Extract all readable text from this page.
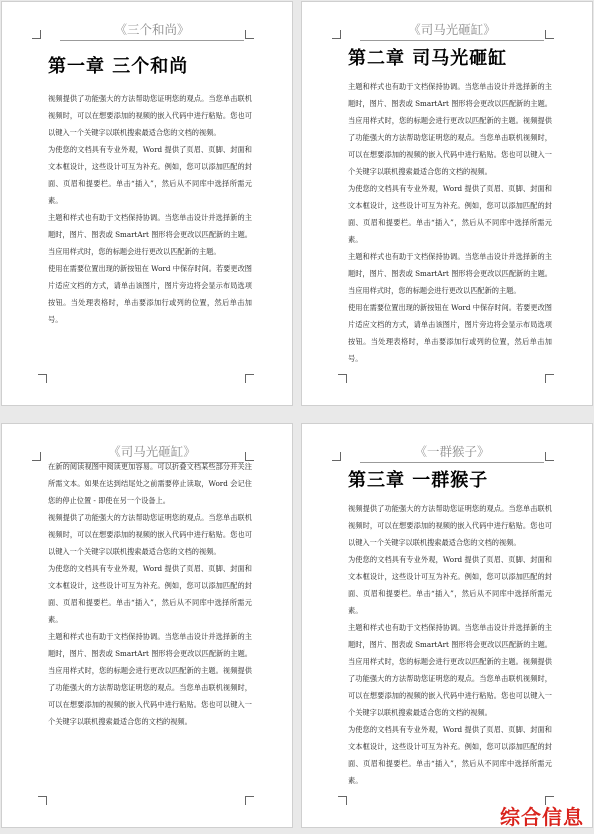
《三个和尚》
第一章 三个和尚

视频提供了功能强大的方法帮助您证明您的观点。当您单击联机视频时，可以在想要添加的视频的嵌入代码中进行粘贴。您也可以键入一个关键字以联机搜索最适合您的文档的视频。

为使您的文档具有专业外观，Word 提供了页眉、页脚、封面和文本框设计，这些设计可互为补充。例如，您可以添加匹配的封面、页眉和提要栏。单击“插入”，然后从不同库中选择所需元素。

主题和样式也有助于文档保持协调。当您单击设计并选择新的主题时，图片、图表或 SmartArt 图形将会更改以匹配新的主题。当应用样式时，您的标题会进行更改以匹配新的主题。

使用在需要位置出现的新按钮在 Word 中保存时间。若要更改图片适应文档的方式，请单击该图片，图片旁边将会显示布局选项按钮。当处理表格时，单击要添加行或列的位置，然后单击加号。

《司马光砸缸》
第二章 司马光砸缸

主题和样式也有助于文档保持协调。当您单击设计并选择新的主题时，图片、图表或 SmartArt 图形将会更改以匹配新的主题。当应用样式时，您的标题会进行更改以匹配新的主题。视频提供了功能强大的方法帮助您证明您的观点。当您单击联机视频时，可以在想要添加的视频的嵌入代码中进行粘贴。您也可以键入一个关键字以联机搜索最适合您的文档的视频。

为使您的文档具有专业外观，Word 提供了页眉、页脚、封面和文本框设计，这些设计可互为补充。例如，您可以添加匹配的封面、页眉和提要栏。单击“插入”，然后从不同库中选择所需元素。

主题和样式也有助于文档保持协调。当您单击设计并选择新的主题时，图片、图表或 SmartArt 图形将会更改以匹配新的主题。当应用样式时，您的标题会进行更改以匹配新的主题。

使用在需要位置出现的新按钮在 Word 中保存时间。若要更改图片适应文档的方式，请单击该图片，图片旁边将会显示布局选项按钮。当处理表格时，单击要添加行或列的位置，然后单击加号。

《司马光砸缸》

在新的阅读视图中阅读更加容易。可以折叠文档某些部分并关注所需文本。如果在达到结尾处之前需要停止读取，Word 会记住您的停止位置 - 即使在另一个设备上。

视频提供了功能强大的方法帮助您证明您的观点。当您单击联机视频时，可以在想要添加的视频的嵌入代码中进行粘贴。您也可以键入一个关键字以联机搜索最适合您的文档的视频。

为使您的文档具有专业外观，Word 提供了页眉、页脚、封面和文本框设计，这些设计可互为补充。例如，您可以添加匹配的封面、页眉和提要栏。单击“插入”，然后从不同库中选择所需元素。

主题和样式也有助于文档保持协调。当您单击设计并选择新的主题时，图片、图表或 SmartArt 图形将会更改以匹配新的主题。当应用样式时，您的标题会进行更改以匹配新的主题。视频提供了功能强大的方法帮助您证明您的观点。当您单击联机视频时，可以在想要添加的视频的嵌入代码中进行粘贴。您也可以键入一个关键字以联机搜索最适合您的文档的视频。

《一群猴子》
第三章 一群猴子

视频提供了功能强大的方法帮助您证明您的观点。当您单击联机视频时，可以在想要添加的视频的嵌入代码中进行粘贴。您也可以键入一个关键字以联机搜索最适合您的文档的视频。

为使您的文档具有专业外观，Word 提供了页眉、页脚、封面和文本框设计，这些设计可互为补充。例如，您可以添加匹配的封面、页眉和提要栏。单击“插入”，然后从不同库中选择所需元素。

主题和样式也有助于文档保持协调。当您单击设计并选择新的主题时，图片、图表或 SmartArt 图形将会更改以匹配新的主题。当应用样式时，您的标题会进行更改以匹配新的主题。视频提供了功能强大的方法帮助您证明您的观点。当您单击联机视频时，可以在想要添加的视频的嵌入代码中进行粘贴。您也可以键入一个关键字以联机搜索最适合您的文档的视频。

为使您的文档具有专业外观，Word 提供了页眉、页脚、封面和文本框设计，这些设计可互为补充。例如，您可以添加匹配的封面、页眉和提要栏。单击“插入”，然后从不同库中选择所需元素。

综合信息
